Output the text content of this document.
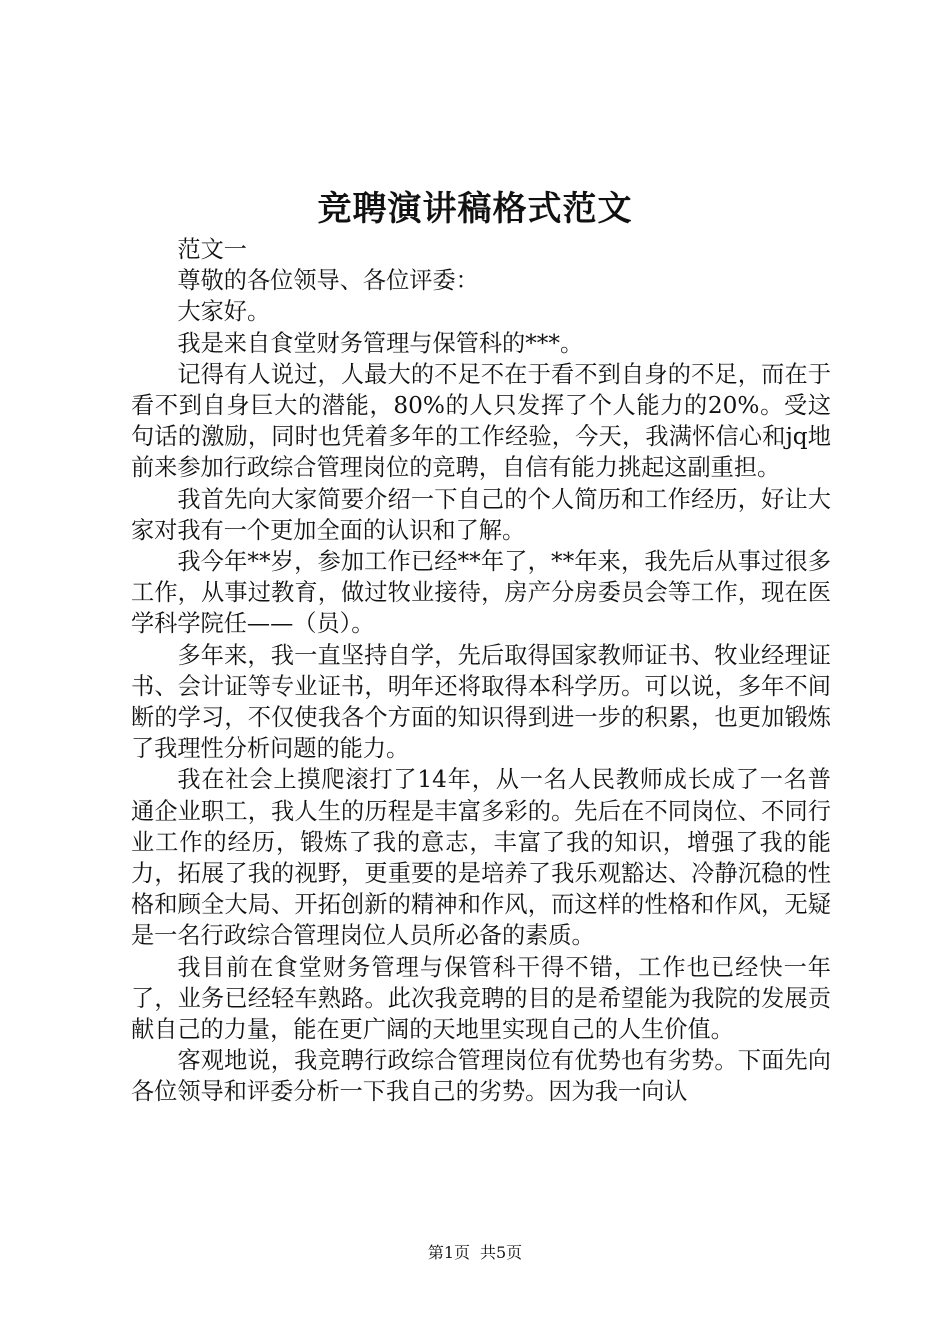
竞聘演讲稿格式范文

范文一

尊敬的各位领导、各位评委：

大家好。

我是来自食堂财务管理与保管科的***。

记得有人说过，人最大的不足不在于看不到自身的不足，而在于看不到自身巨大的潜能，80%的人只发挥了个人能力的20%。受这句话的激励，同时也凭着多年的工作经验，今天，我满怀信心和jq地前来参加行政综合管理岗位的竞聘，自信有能力挑起这副重担。

我首先向大家简要介绍一下自己的个人简历和工作经历，好让大家对我有一个更加全面的认识和了解。

我今年**岁，参加工作已经**年了，**年来，我先后从事过很多工作，从事过教育，做过牧业接待，房产分房委员会等工作，现在医学科学院任——（员）。

多年来，我一直坚持自学，先后取得国家教师证书、牧业经理证书、会计证等专业证书，明年还将取得本科学历。可以说，多年不间断的学习，不仅使我各个方面的知识得到进一步的积累，也更加锻炼了我理性分析问题的能力。

我在社会上摸爬滚打了14年，从一名人民教师成长成了一名普通企业职工，我人生的历程是丰富多彩的。先后在不同岗位、不同行业工作的经历，锻炼了我的意志，丰富了我的知识，增强了我的能力，拓展了我的视野，更重要的是培养了我乐观豁达、冷静沉稳的性格和顾全大局、开拓创新的精神和作风，而这样的性格和作风，无疑是一名行政综合管理岗位人员所必备的素质。

我目前在食堂财务管理与保管科干得不错，工作也已经快一年了，业务已经轻车熟路。此次我竞聘的目的是希望能为我院的发展贡献自己的力量，能在更广阔的天地里实现自己的人生价值。

客观地说，我竞聘行政综合管理岗位有优势也有劣势。下面先向各位领导和评委分析一下我自己的劣势。因为我一向认

第1页 共5页
